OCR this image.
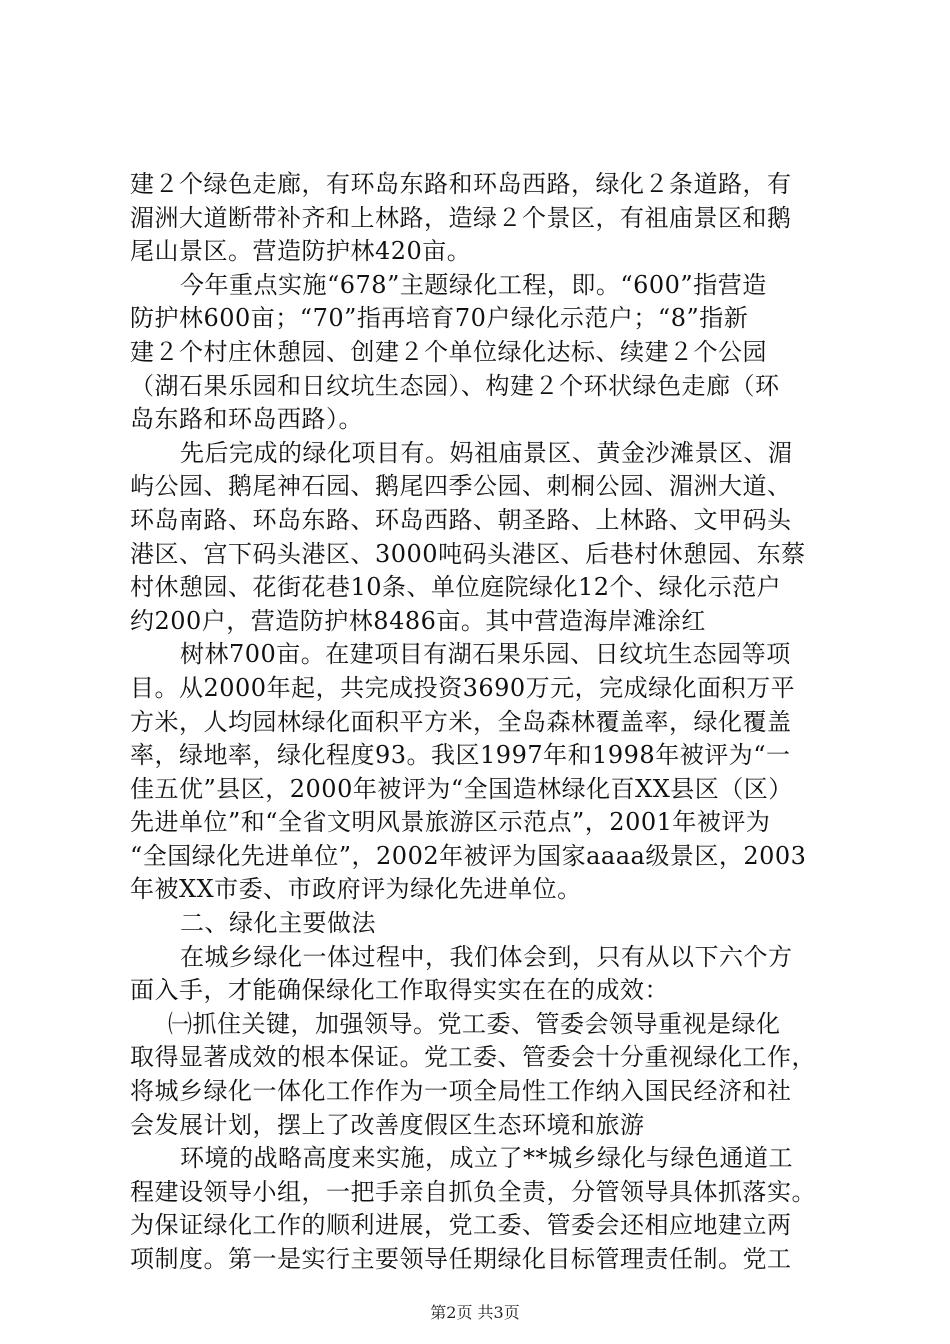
建２个绿色走廊，有环岛东路和环岛西路，绿化２条道路，有
湄洲大道断带补齐和上林路，造绿２个景区，有祖庙景区和鹅
尾山景区。营造防护林420亩。
今年重点实施“678”主题绿化工程，即。“600”指营造
防护林600亩；“70”指再培育70户绿化示范户；“8”指新
建２个村庄休憩园、创建２个单位绿化达标、续建２个公园
（湖石果乐园和日纹坑生态园）、构建２个环状绿色走廊（环
岛东路和环岛西路）。
先后完成的绿化项目有。妈祖庙景区、黄金沙滩景区、湄
屿公园、鹅尾神石园、鹅尾四季公园、刺桐公园、湄洲大道、
环岛南路、环岛东路、环岛西路、朝圣路、上林路、文甲码头
港区、宫下码头港区、3000吨码头港区、后巷村休憩园、东蔡
村休憩园、花街花巷10条、单位庭院绿化12个、绿化示范户
约200户，营造防护林8486亩。其中营造海岸滩涂红
树林700亩。在建项目有湖石果乐园、日纹坑生态园等项
目。从2000年起，共完成投资3690万元，完成绿化面积万平
方米，人均园林绿化面积平方米，全岛森林覆盖率，绿化覆盖
率，绿地率，绿化程度93。我区1997年和1998年被评为“一
佳五优”县区，2000年被评为“全国造林绿化百XX县区（区）
先进单位”和“全省文明风景旅游区示范点”，2001年被评为
“全国绿化先进单位”，2002年被评为国家aaaa级景区，2003
年被XX市委、市政府评为绿化先进单位。
二、绿化主要做法
在城乡绿化一体过程中，我们体会到，只有从以下六个方
面入手，才能确保绿化工作取得实实在在的成效：
㈠抓住关键，加强领导。党工委、管委会领导重视是绿化
取得显著成效的根本保证。党工委、管委会十分重视绿化工作，
将城乡绿化一体化工作作为一项全局性工作纳入国民经济和社
会发展计划，摆上了改善度假区生态环境和旅游
环境的战略高度来实施，成立了**城乡绿化与绿色通道工
程建设领导小组，一把手亲自抓负全责，分管领导具体抓落实。
为保证绿化工作的顺利进展，党工委、管委会还相应地建立两
项制度。第一是实行主要领导任期绿化目标管理责任制。党工
第2页 共3页
